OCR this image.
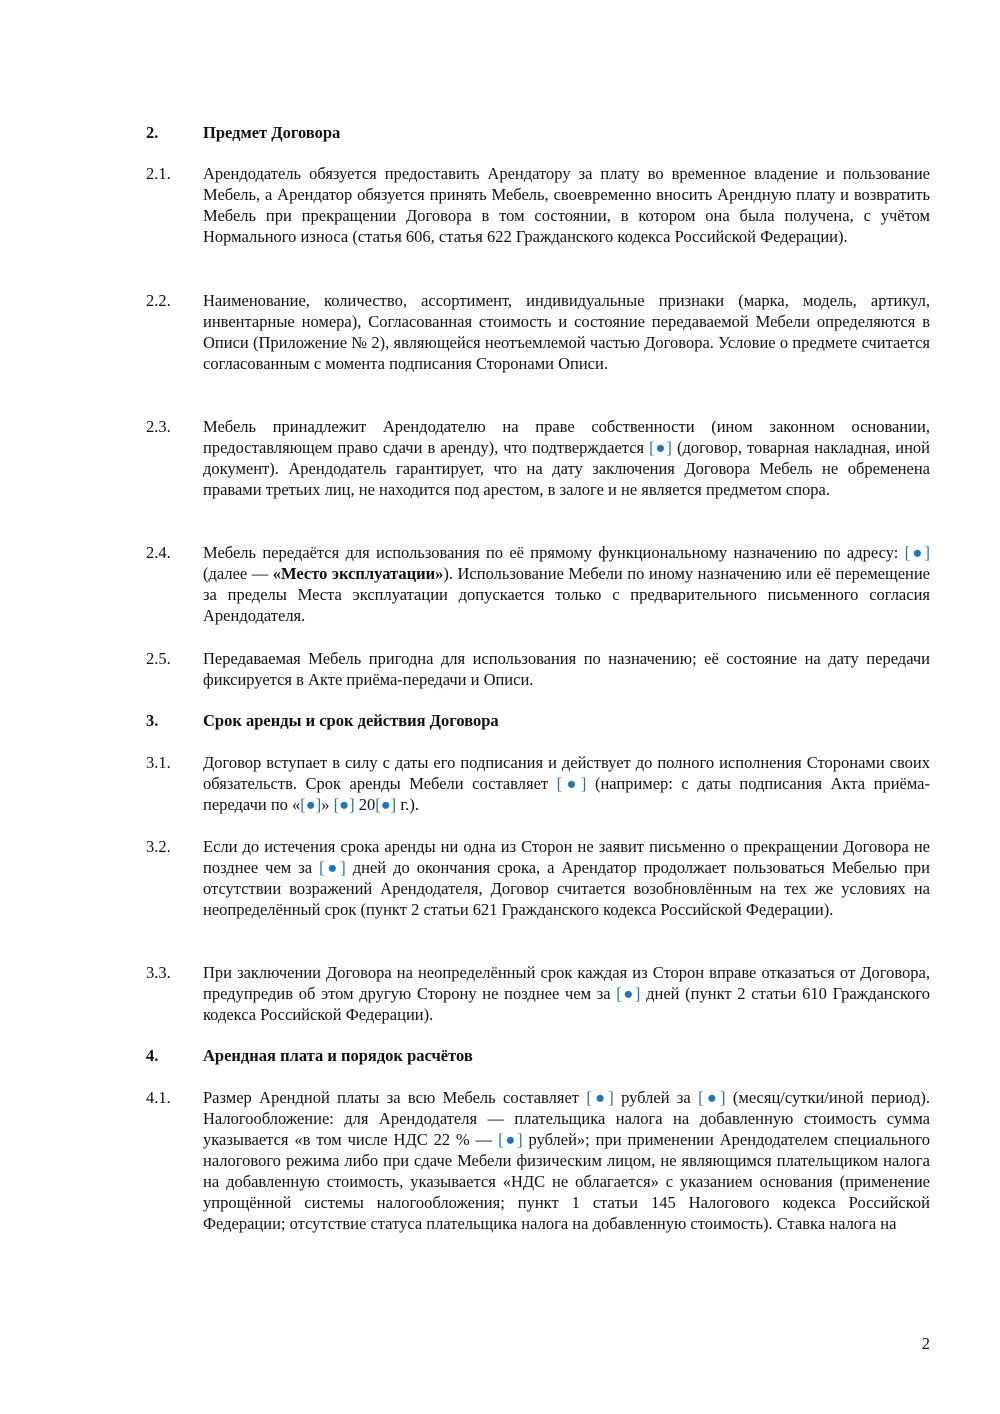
2.	Предмет Договора
2.1. Арендодатель обязуется предоставить Арендатору за плату во временное владение и пользование Мебель, а Арендатор обязуется принять Мебель, своевременно вносить Арендную плату и возвратить Мебель при прекращении Договора в том состоянии, в котором она была получена, с учётом Нормального износа (статья 606, статья 622 Гражданского кодекса Российской Федерации).
2.2. Наименование, количество, ассортимент, индивидуальные признаки (марка, модель, артикул, инвентарные номера), Согласованная стоимость и состояние передаваемой Мебели определяются в Описи (Приложение № 2), являющейся неотъемлемой частью Договора. Условие о предмете считается согласованным с момента подписания Сторонами Описи.
2.3. Мебель принадлежит Арендодателю на праве собственности (ином законном основании, предоставляющем право сдачи в аренду), что подтверждается [●] (договор, товарная накладная, иной документ). Арендодатель гарантирует, что на дату заключения Договора Мебель не обременена правами третьих лиц, не находится под арестом, в залоге и не является предметом спора.
2.4. Мебель передаётся для использования по её прямому функциональному назначению по адресу: [●] (далее — «Место эксплуатации»). Использование Мебели по иному назначению или её перемещение за пределы Места эксплуатации допускается только с предварительного письменного согласия Арендодателя.
2.5. Передаваемая Мебель пригодна для использования по назначению; её состояние на дату передачи фиксируется в Акте приёма-передачи и Описи.
3.	Срок аренды и срок действия Договора
3.1. Договор вступает в силу с даты его подписания и действует до полного исполнения Сторонами своих обязательств. Срок аренды Мебели составляет [●] (например: с даты подписания Акта приёма-передачи по «[●]» [●] 20[●] г.).
3.2. Если до истечения срока аренды ни одна из Сторон не заявит письменно о прекращении Договора не позднее чем за [●] дней до окончания срока, а Арендатор продолжает пользоваться Мебелью при отсутствии возражений Арендодателя, Договор считается возобновлённым на тех же условиях на неопределённый срок (пункт 2 статьи 621 Гражданского кодекса Российской Федерации).
3.3. При заключении Договора на неопределённый срок каждая из Сторон вправе отказаться от Договора, предупредив об этом другую Сторону не позднее чем за [●] дней (пункт 2 статьи 610 Гражданского кодекса Российской Федерации).
4.	Арендная плата и порядок расчётов
4.1. Размер Арендной платы за всю Мебель составляет [●] рублей за [●] (месяц/сутки/иной период). Налогообложение: для Арендодателя — плательщика налога на добавленную стоимость сумма указывается «в том числе НДС 22 % — [●] рублей»; при применении Арендодателем специального налогового режима либо при сдаче Мебели физическим лицом, не являющимся плательщиком налога на добавленную стоимость, указывается «НДС не облагается» с указанием основания (применение упрощённой системы налогообложения; пункт 1 статьи 145 Налогового кодекса Российской Федерации; отсутствие статуса плательщика налога на добавленную стоимость). Ставка налога на
2
